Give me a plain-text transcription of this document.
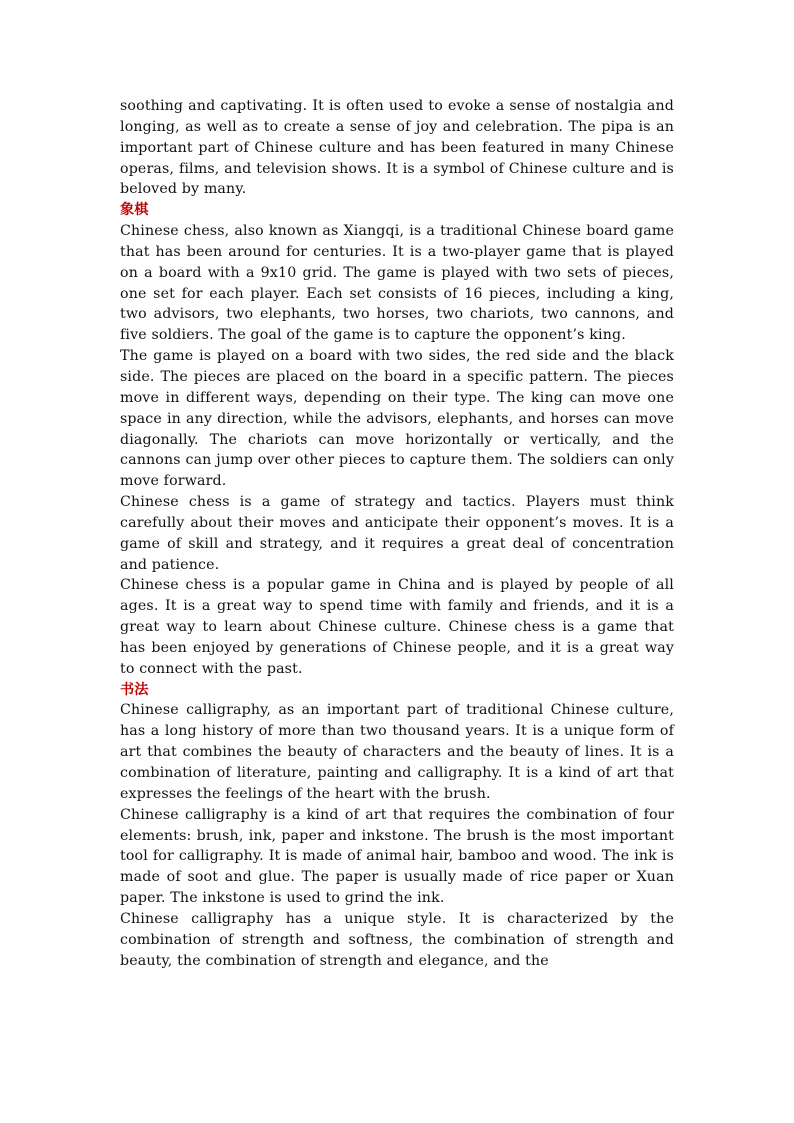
soothing and captivating. It is often used to evoke a sense of nostalgia and longing, as well as to create a sense of joy and celebration. The pipa is an important part of Chinese culture and has been featured in many Chinese operas, films, and television shows. It is a symbol of Chinese culture and is beloved by many.

象棋

Chinese chess, also known as Xiangqi, is a traditional Chinese board game that has been around for centuries. It is a two-player game that is played on a board with a 9x10 grid. The game is played with two sets of pieces, one set for each player. Each set consists of 16 pieces, including a king, two advisors, two elephants, two horses, two chariots, two cannons, and five soldiers. The goal of the game is to capture the opponent’s king.

The game is played on a board with two sides, the red side and the black side. The pieces are placed on the board in a specific pattern. The pieces move in different ways, depending on their type. The king can move one space in any direction, while the advisors, elephants, and horses can move diagonally. The chariots can move horizontally or vertically, and the cannons can jump over other pieces to capture them. The soldiers can only move forward.

Chinese chess is a game of strategy and tactics. Players must think carefully about their moves and anticipate their opponent’s moves. It is a game of skill and strategy, and it requires a great deal of concentration and patience.

Chinese chess is a popular game in China and is played by people of all ages. It is a great way to spend time with family and friends, and it is a great way to learn about Chinese culture. Chinese chess is a game that has been enjoyed by generations of Chinese people, and it is a great way to connect with the past.

书法

Chinese calligraphy, as an important part of traditional Chinese culture, has a long history of more than two thousand years. It is a unique form of art that combines the beauty of characters and the beauty of lines. It is a combination of literature, painting and calligraphy. It is a kind of art that expresses the feelings of the heart with the brush.

Chinese calligraphy is a kind of art that requires the combination of four elements: brush, ink, paper and inkstone. The brush is the most important tool for calligraphy. It is made of animal hair, bamboo and wood. The ink is made of soot and glue. The paper is usually made of rice paper or Xuan paper. The inkstone is used to grind the ink.

Chinese calligraphy has a unique style. It is characterized by the combination of strength and softness, the combination of strength and beauty, the combination of strength and elegance, and the
